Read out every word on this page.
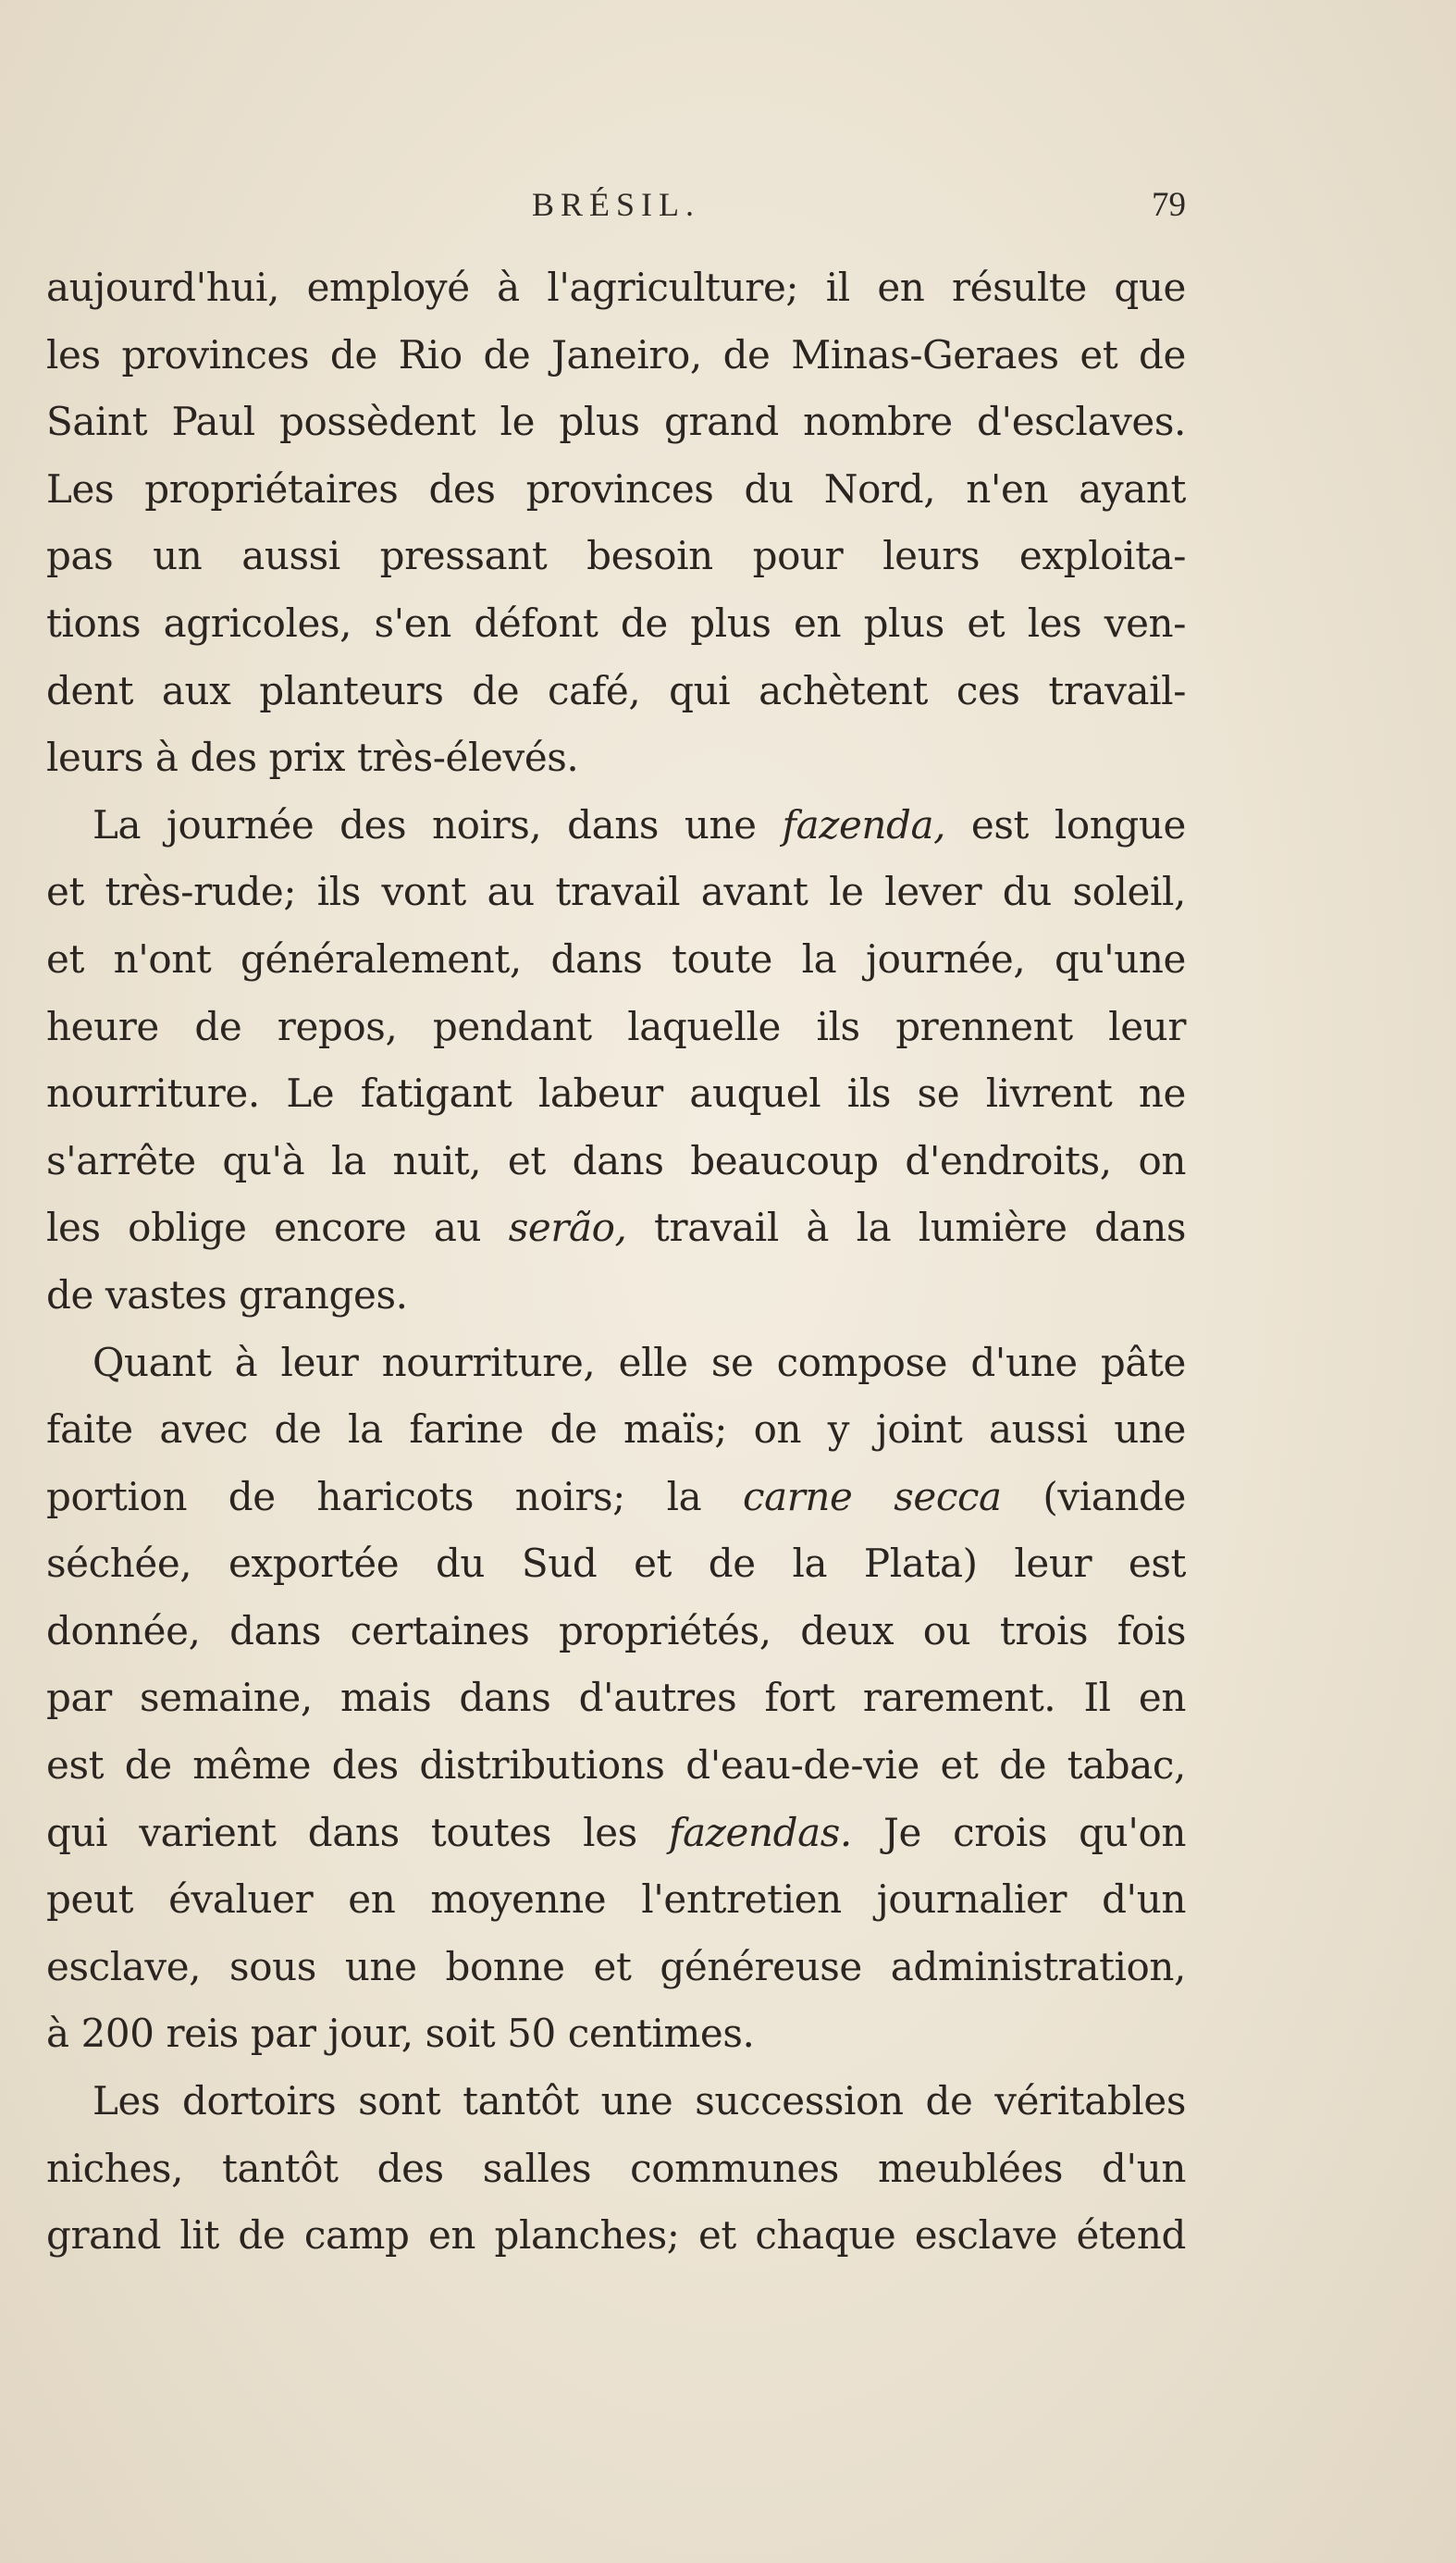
BRÉSIL.	79
aujourd'hui, employé à l'agriculture; il en résulte que
les provinces de Rio de Janeiro, de Minas-Geraes et de
Saint Paul possèdent le plus grand nombre d'esclaves.
Les propriétaires des provinces du Nord, n'en ayant
pas un aussi pressant besoin pour leurs exploita-
tions agricoles, s'en défont de plus en plus et les ven-
dent aux planteurs de café, qui achètent ces travail-
leurs à des prix très-élevés.
La journée des noirs, dans une fazenda, est longue
et très-rude; ils vont au travail avant le lever du soleil,
et n'ont généralement, dans toute la journée, qu'une
heure de repos, pendant laquelle ils prennent leur
nourriture. Le fatigant labeur auquel ils se livrent ne
s'arrête qu'à la nuit, et dans beaucoup d'endroits, on
les oblige encore au serão, travail à la lumière dans
de vastes granges.
Quant à leur nourriture, elle se compose d'une pâte
faite avec de la farine de maïs; on y joint aussi une
portion de haricots noirs; la carne secca (viande
séchée, exportée du Sud et de la Plata) leur est
donnée, dans certaines propriétés, deux ou trois fois
par semaine, mais dans d'autres fort rarement. Il en
est de même des distributions d'eau-de-vie et de tabac,
qui varient dans toutes les fazendas. Je crois qu'on
peut évaluer en moyenne l'entretien journalier d'un
esclave, sous une bonne et généreuse administration,
à 200 reis par jour, soit 50 centimes.
Les dortoirs sont tantôt une succession de véritables
niches, tantôt des salles communes meublées d'un
grand lit de camp en planches; et chaque esclave étend
